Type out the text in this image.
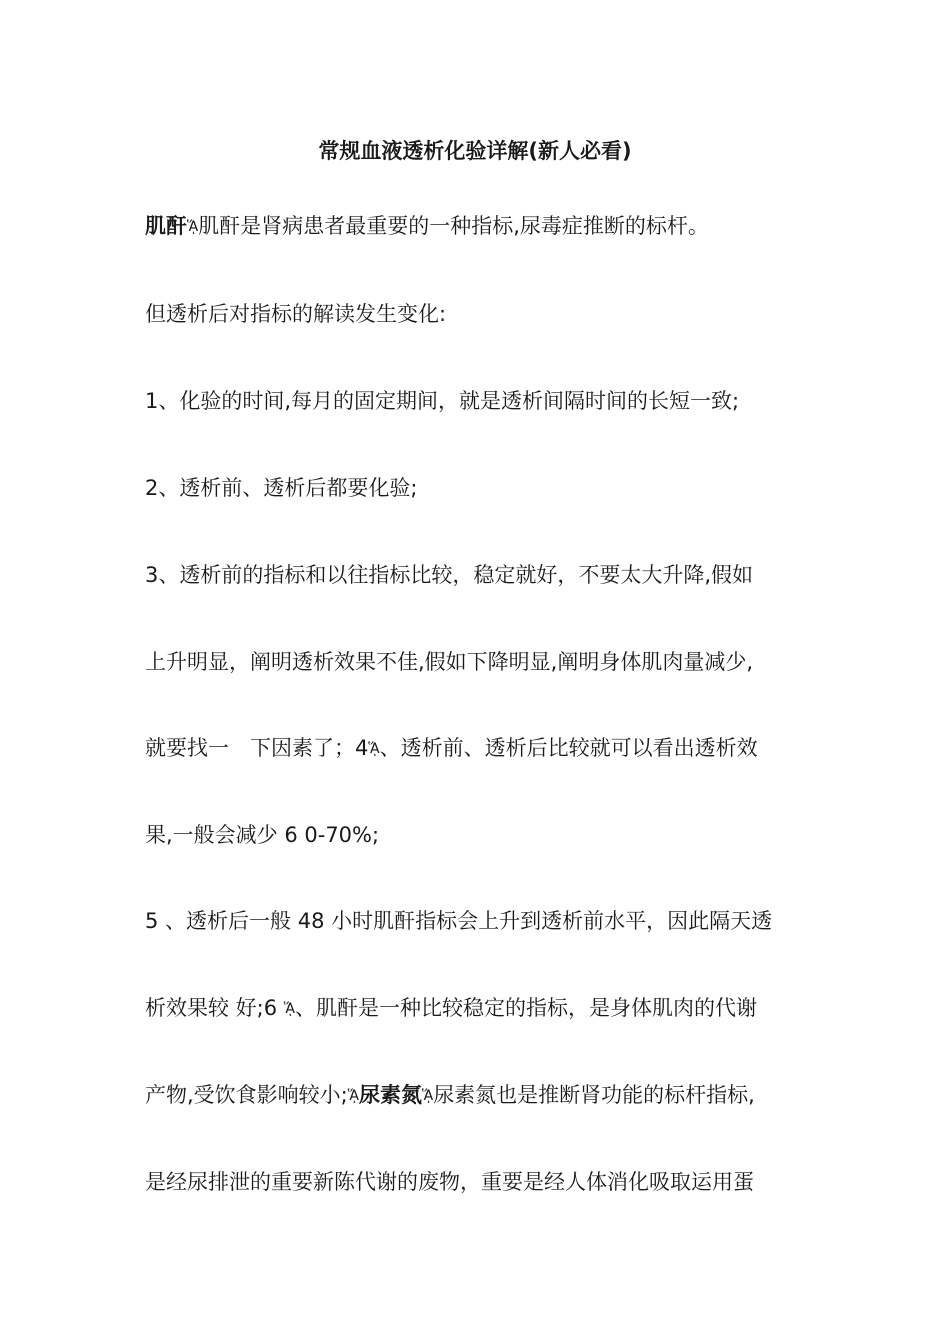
常规血液透析化验详解(新人必看)
肌酐ᾍ肌酐是肾病患者最重要的一种指标,尿毒症推断的标杆。
但透析后对指标的解读发生变化:
1、化验的时间,每月的固定期间，就是透析间隔时间的长短一致;
2、透析前、透析后都要化验;
3、透析前的指标和以往指标比较，稳定就好，不要太大升降,假如
上升明显，阐明透析效果不佳,假如下降明显,阐明身体肌肉量减少,
就要找一　下因素了；4ᾍ、透析前、透析后比较就可以看出透析效
果,一般会减少 6 0-70%;
5 、透析后一般 48 小时肌酐指标会上升到透析前水平，因此隔天透
析效果较 好;6 ᾍ、肌酐是一种比较稳定的指标，是身体肌肉的代谢
产物,受饮食影响较小;ᾍ尿素氮ᾍ尿素氮也是推断肾功能的标杆指标,
是经尿排泄的重要新陈代谢的废物，重要是经人体消化吸取运用蛋
